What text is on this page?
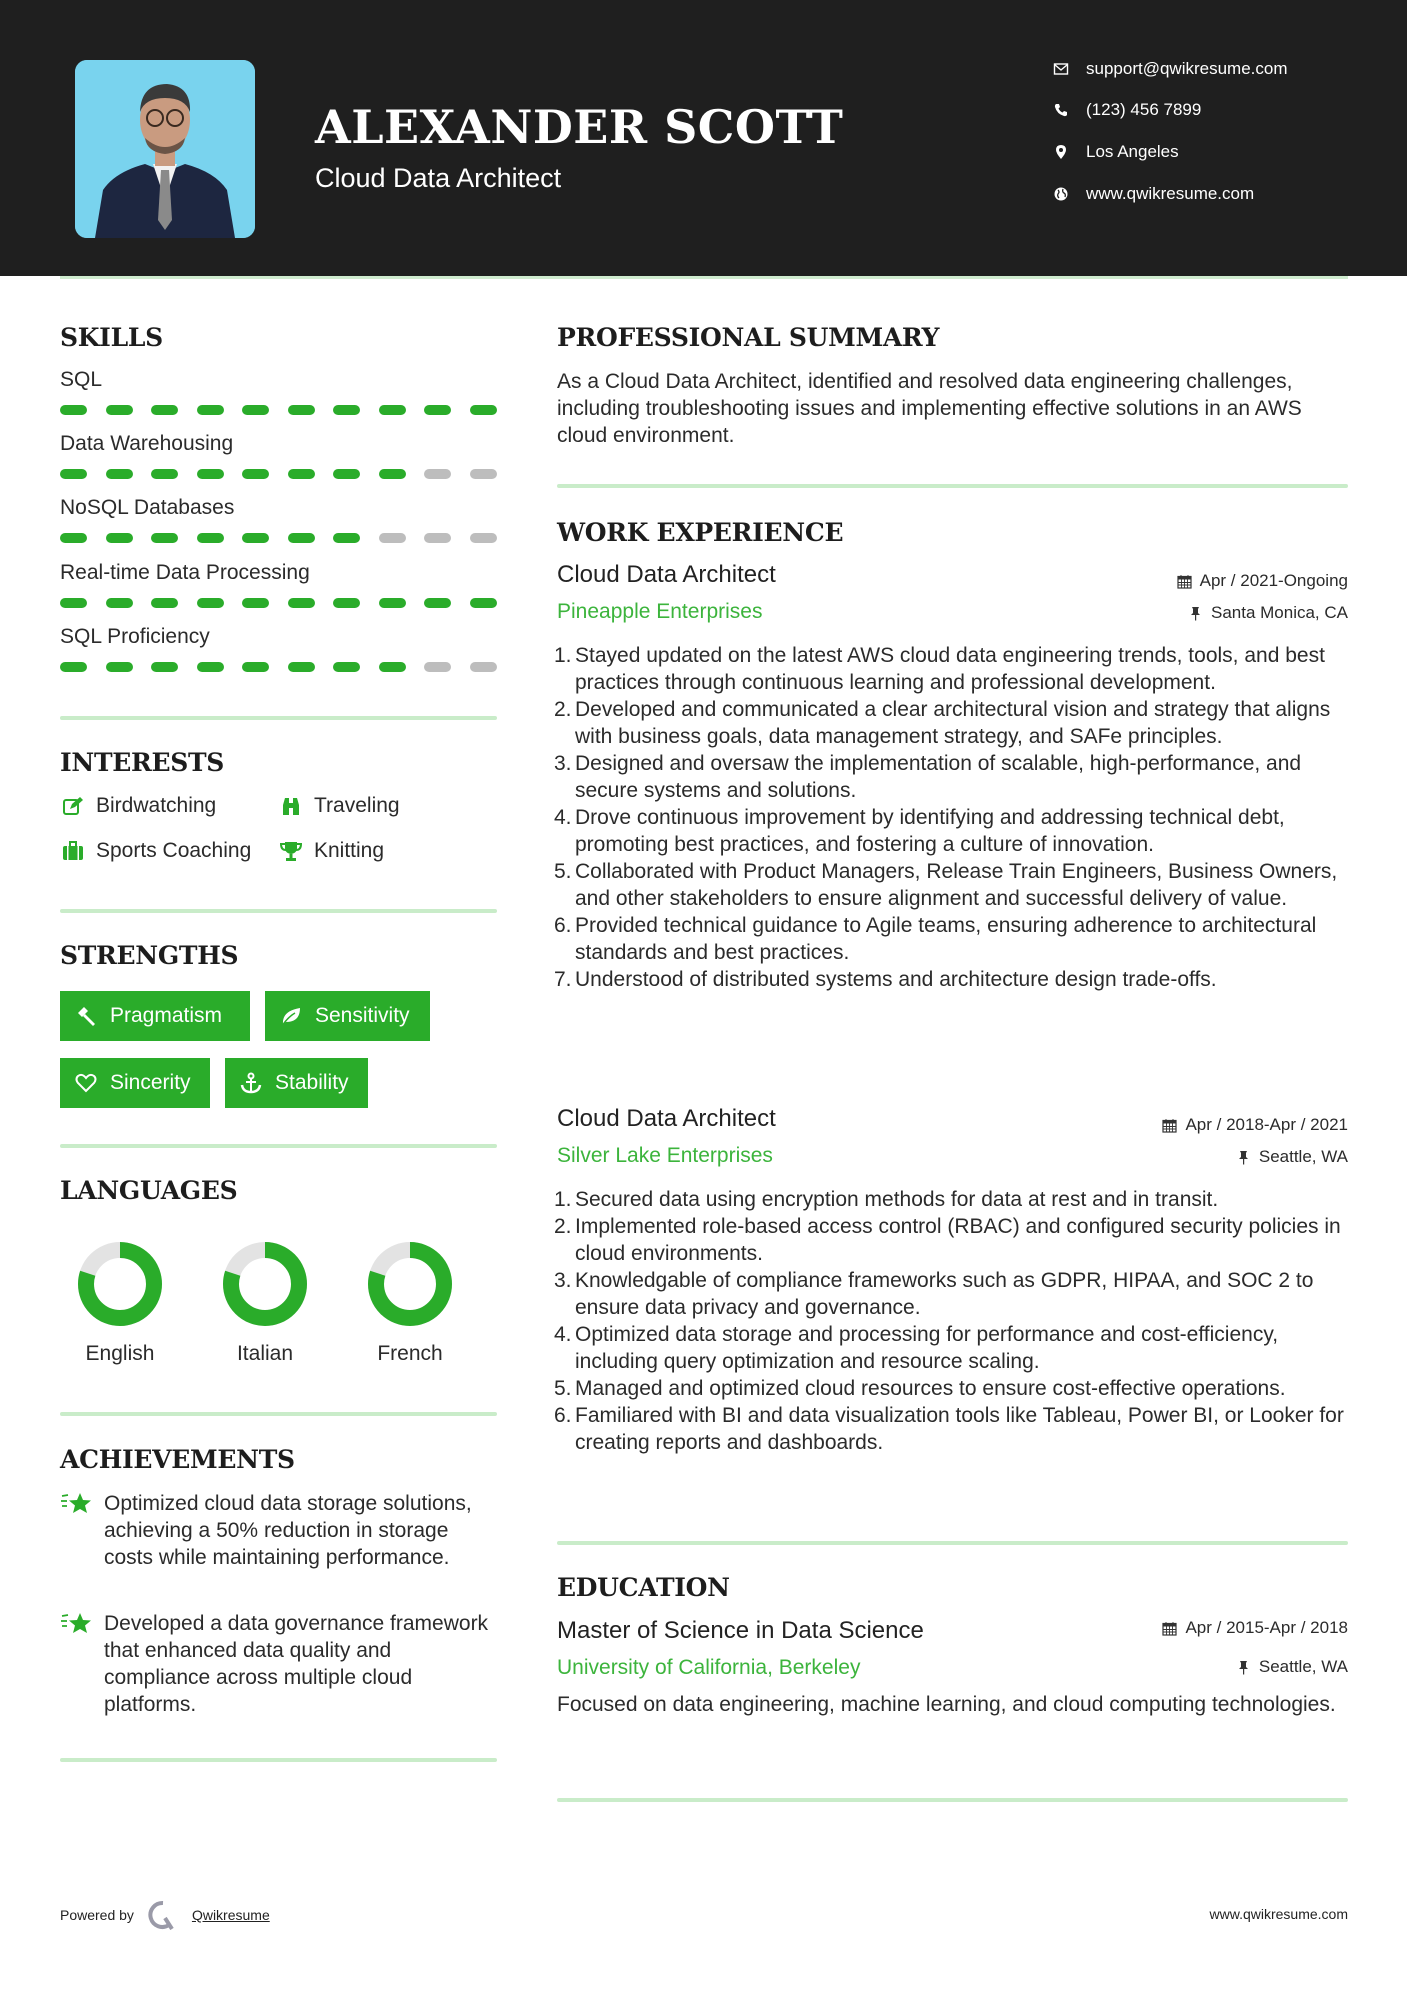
ALEXANDER SCOTT
Cloud Data Architect
support@qwikresume.com
(123) 456 7899
Los Angeles
www.qwikresume.com
SKILLS
SQL
Data Warehousing
NoSQL Databases
Real-time Data Processing
SQL Proficiency
INTERESTS
Birdwatching	Traveling
Sports Coaching	Knitting
STRENGTHS
Pragmatism	Sensitivity
Sincerity	Stability
LANGUAGES
English	Italian	French
ACHIEVEMENTS
Optimized cloud data storage solutions, achieving a 50% reduction in storage costs while maintaining performance.
Developed a data governance framework that enhanced data quality and compliance across multiple cloud platforms.
PROFESSIONAL SUMMARY
As a Cloud Data Architect, identified and resolved data engineering challenges, including troubleshooting issues and implementing effective solutions in an AWS cloud environment.
WORK EXPERIENCE
Cloud Data Architect	Apr / 2021-Ongoing
Pineapple Enterprises	Santa Monica, CA
1. Stayed updated on the latest AWS cloud data engineering trends, tools, and best practices through continuous learning and professional development.
2. Developed and communicated a clear architectural vision and strategy that aligns with business goals, data management strategy, and SAFe principles.
3. Designed and oversaw the implementation of scalable, high-performance, and secure systems and solutions.
4. Drove continuous improvement by identifying and addressing technical debt, promoting best practices, and fostering a culture of innovation.
5. Collaborated with Product Managers, Release Train Engineers, Business Owners, and other stakeholders to ensure alignment and successful delivery of value.
6. Provided technical guidance to Agile teams, ensuring adherence to architectural standards and best practices.
7. Understood of distributed systems and architecture design trade-offs.
Cloud Data Architect	Apr / 2018-Apr / 2021
Silver Lake Enterprises	Seattle, WA
1. Secured data using encryption methods for data at rest and in transit.
2. Implemented role-based access control (RBAC) and configured security policies in cloud environments.
3. Knowledgable of compliance frameworks such as GDPR, HIPAA, and SOC 2 to ensure data privacy and governance.
4. Optimized data storage and processing for performance and cost-efficiency, including query optimization and resource scaling.
5. Managed and optimized cloud resources to ensure cost-effective operations.
6. Familiared with BI and data visualization tools like Tableau, Power BI, or Looker for creating reports and dashboards.
EDUCATION
Master of Science in Data Science	Apr / 2015-Apr / 2018
University of California, Berkeley	Seattle, WA
Focused on data engineering, machine learning, and cloud computing technologies.
Powered by	Qwikresume	www.qwikresume.com
